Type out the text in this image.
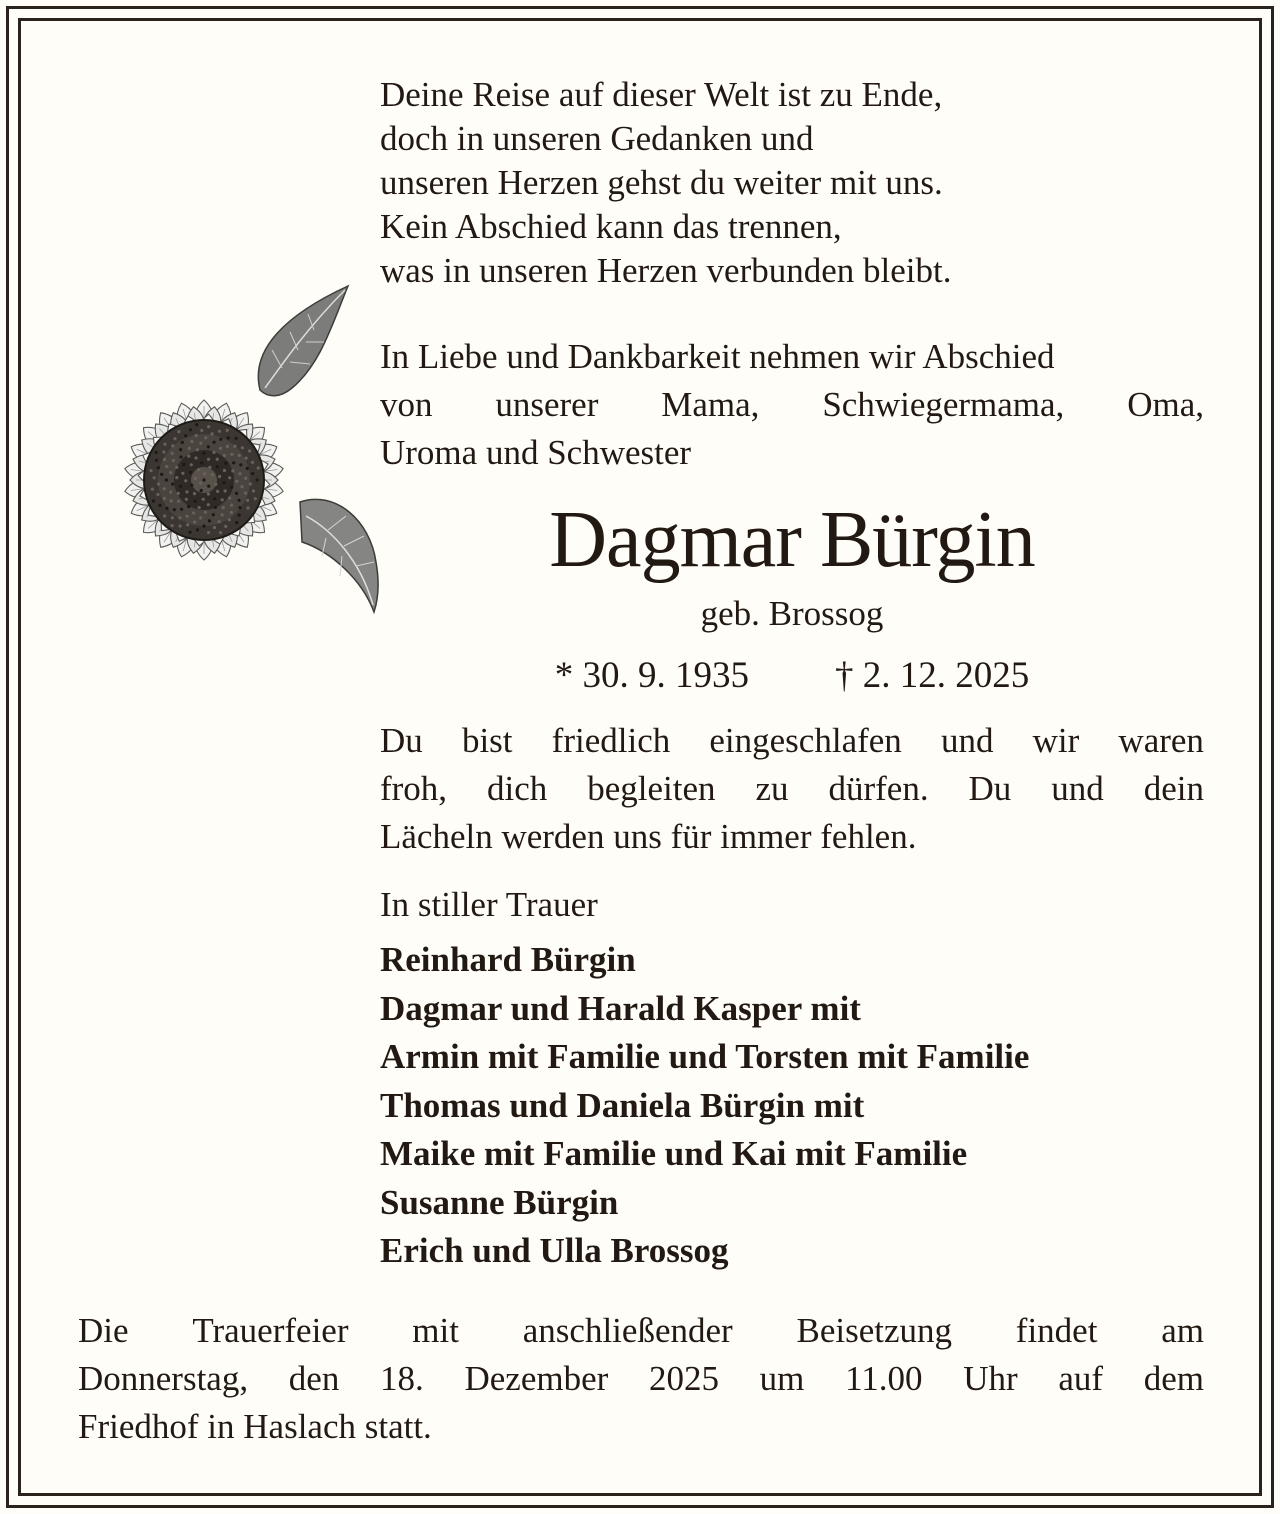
Deine Reise auf dieser Welt ist zu Ende,
doch in unseren Gedanken und
unseren Herzen gehst du weiter mit uns.
Kein Abschied kann das trennen,
was in unseren Herzen verbunden bleibt.
In Liebe und Dankbarkeit nehmen wir Abschied
von unserer Mama, Schwiegermama, Oma,
Uroma und Schwester
Dagmar Bürgin
geb. Brossog
* 30. 9. 1935 † 2. 12. 2025
Du bist friedlich eingeschlafen und wir waren
froh, dich begleiten zu dürfen. Du und dein
Lächeln werden uns für immer fehlen.
In stiller Trauer
Reinhard Bürgin
Dagmar und Harald Kasper mit
Armin mit Familie und Torsten mit Familie
Thomas und Daniela Bürgin mit
Maike mit Familie und Kai mit Familie
Susanne Bürgin
Erich und Ulla Brossog
Die Trauerfeier mit anschließender Beisetzung findet am
Donnerstag, den 18. Dezember 2025 um 11.00 Uhr auf dem
Friedhof in Haslach statt.
